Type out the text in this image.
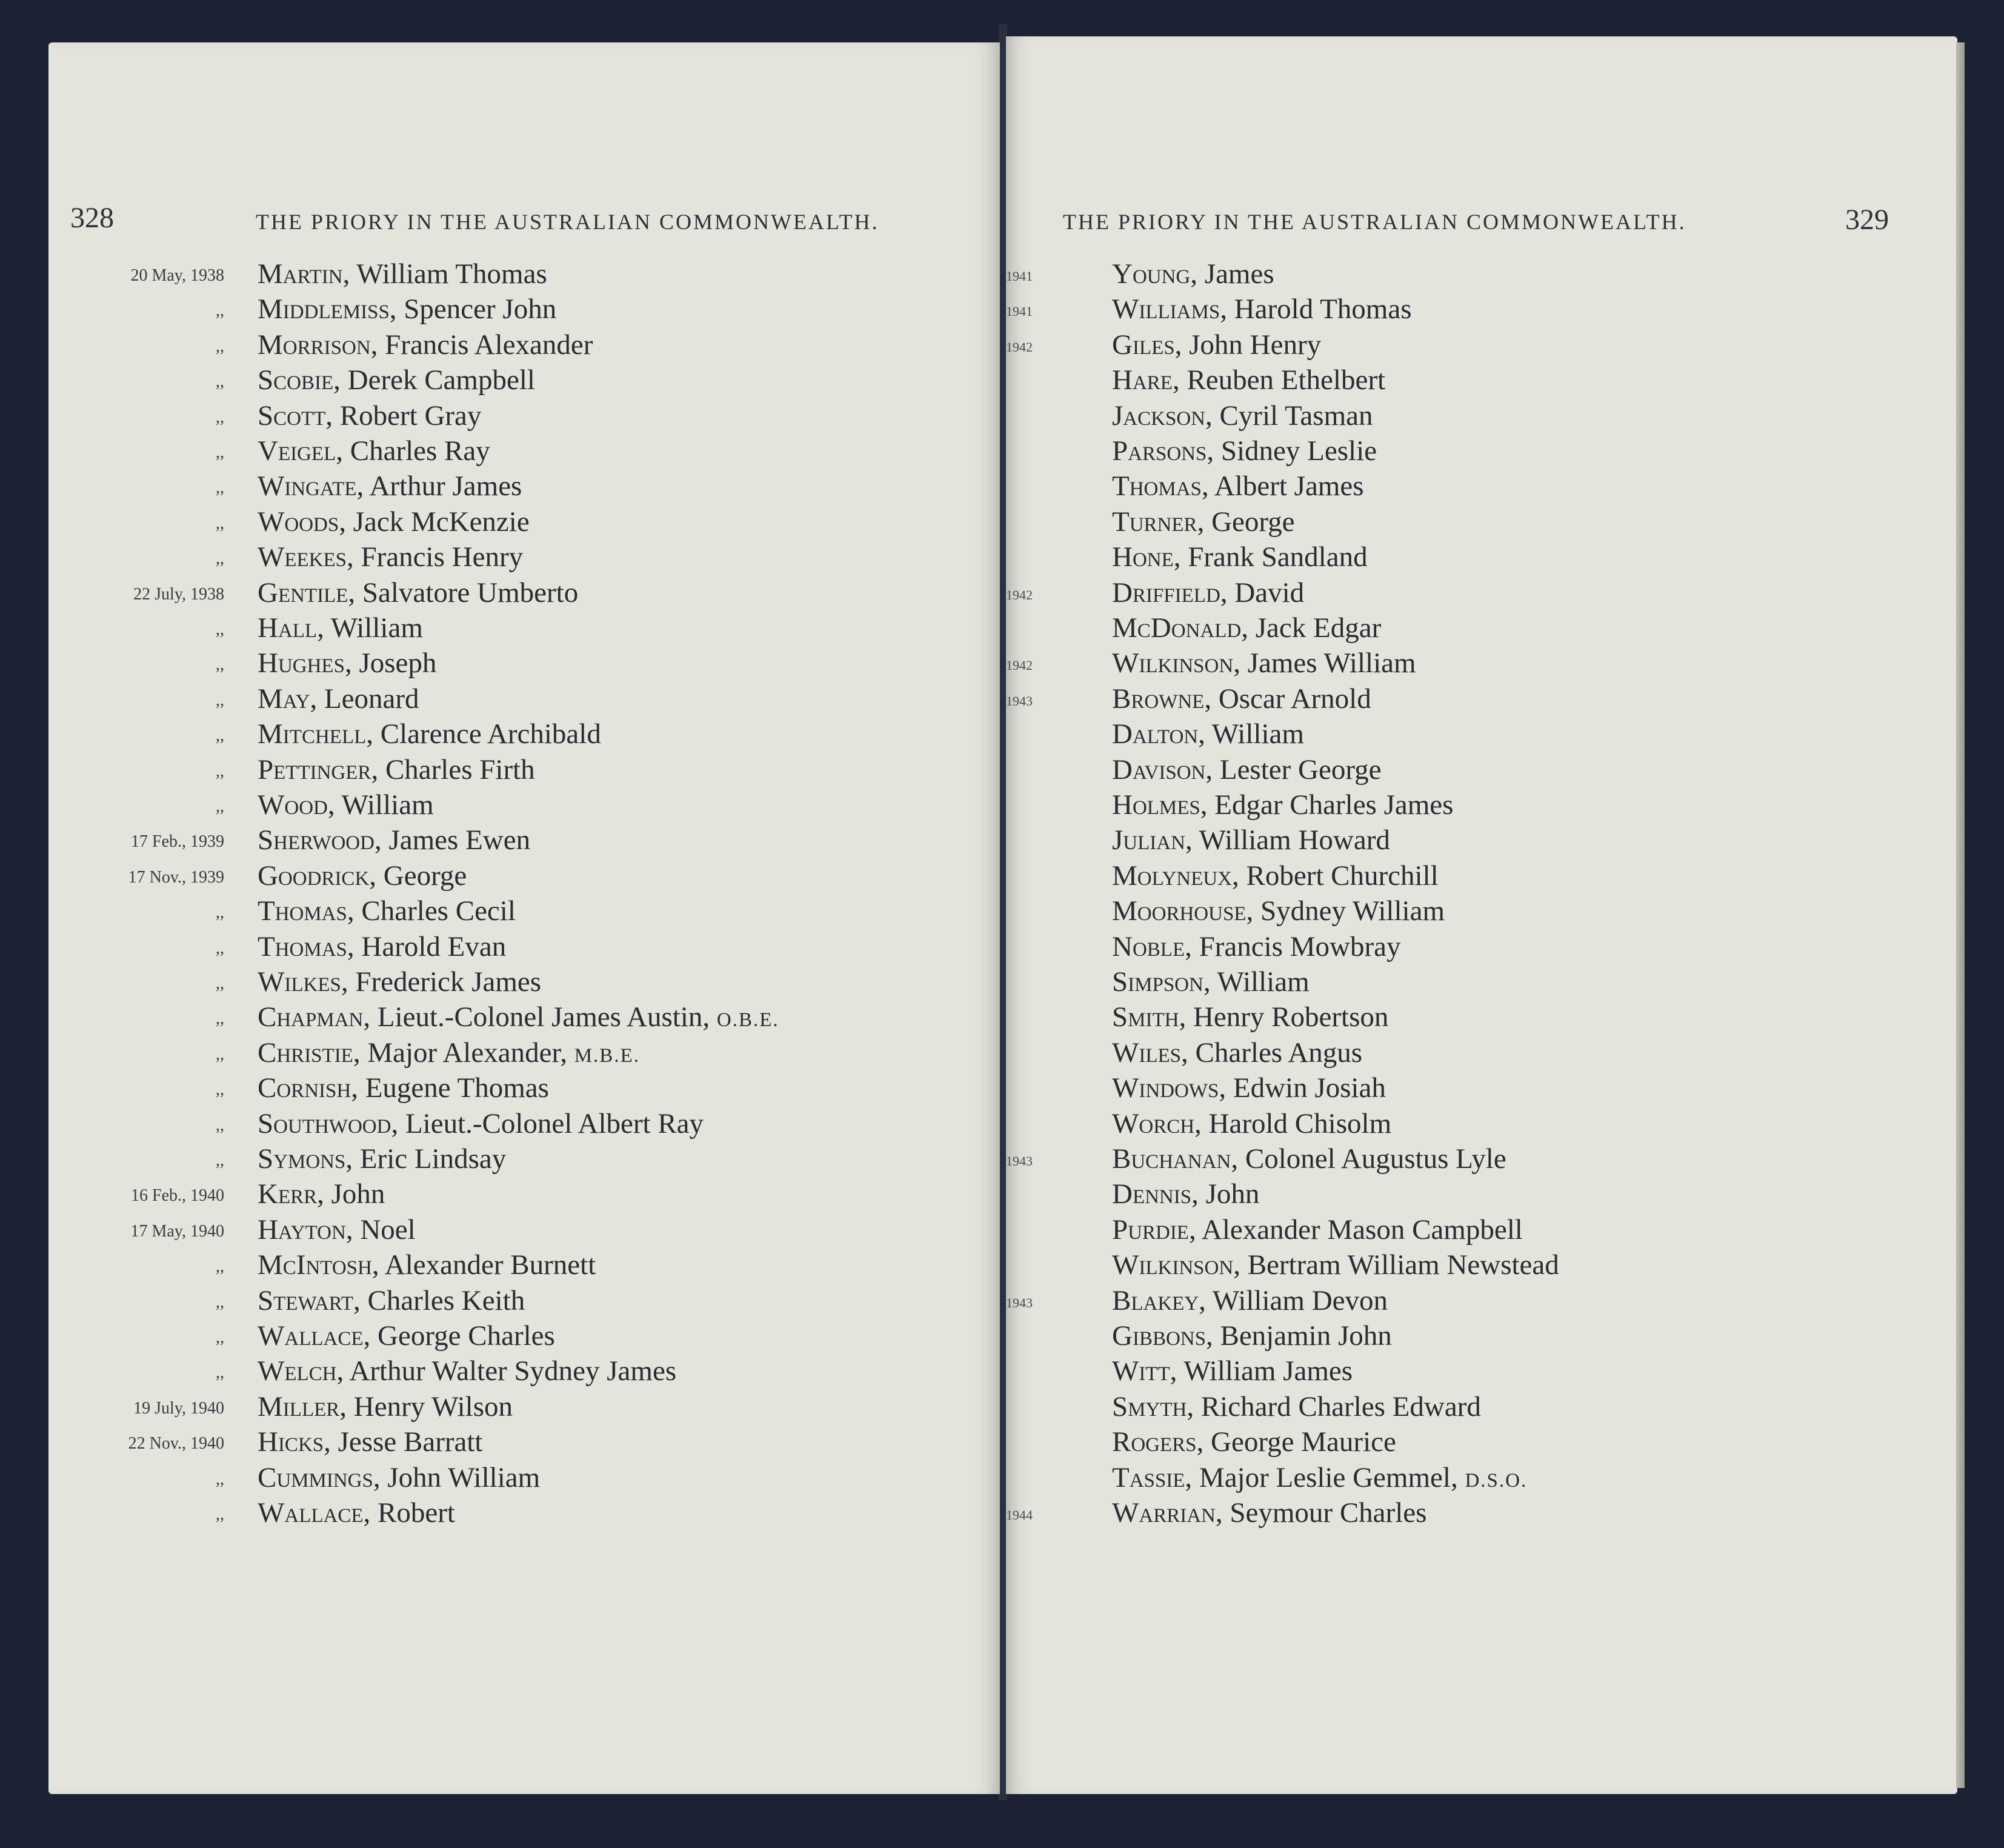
328	THE PRIORY IN THE AUSTRALIAN COMMONWEALTH.
20 May, 1938 Martin, William Thomas
,, Middlemiss, Spencer John
,, Morrison, Francis Alexander
,, Scobie, Derek Campbell
,, Scott, Robert Gray
,, Veigel, Charles Ray
,, Wingate, Arthur James
,, Woods, Jack McKenzie
,, Weekes, Francis Henry
22 July, 1938 Gentile, Salvatore Umberto
,, Hall, William
,, Hughes, Joseph
,, May, Leonard
,, Mitchell, Clarence Archibald
,, Pettinger, Charles Firth
,, Wood, William
17 Feb., 1939 Sherwood, James Ewen
17 Nov., 1939 Goodrick, George
,, Thomas, Charles Cecil
,, Thomas, Harold Evan
,, Wilkes, Frederick James
,, Chapman, Lieut.-Colonel James Austin, O.B.E.
,, Christie, Major Alexander, M.B.E.
,, Cornish, Eugene Thomas
,, Southwood, Lieut.-Colonel Albert Ray
,, Symons, Eric Lindsay
16 Feb., 1940 Kerr, John
17 May, 1940 Hayton, Noel
,, McIntosh, Alexander Burnett
,, Stewart, Charles Keith
,, Wallace, George Charles
,, Welch, Arthur Walter Sydney James
19 July, 1940 Miller, Henry Wilson
22 Nov., 1940 Hicks, Jesse Barratt
,, Cummings, John William
,, Wallace, Robert
THE PRIORY IN THE AUSTRALIAN COMMONWEALTH.	329
1941	Young, James
1941	Williams, Harold Thomas
1942	Giles, John Henry
Hare, Reuben Ethelbert
Jackson, Cyril Tasman
Parsons, Sidney Leslie
Thomas, Albert James
Turner, George
Hone, Frank Sandland
1942	Driffield, David
McDonald, Jack Edgar
1942	Wilkinson, James William
1943	Browne, Oscar Arnold
Dalton, William
Davison, Lester George
Holmes, Edgar Charles James
Julian, William Howard
Molyneux, Robert Churchill
Moorhouse, Sydney William
Noble, Francis Mowbray
Simpson, William
Smith, Henry Robertson
Wiles, Charles Angus
Windows, Edwin Josiah
Worch, Harold Chisolm
1943	Buchanan, Colonel Augustus Lyle
Dennis, John
Purdie, Alexander Mason Campbell
Wilkinson, Bertram William Newstead
1943	Blakey, William Devon
Gibbons, Benjamin John
Witt, William James
Smyth, Richard Charles Edward
Rogers, George Maurice
Tassie, Major Leslie Gemmel, D.S.O.
1944	Warrian, Seymour Charles
